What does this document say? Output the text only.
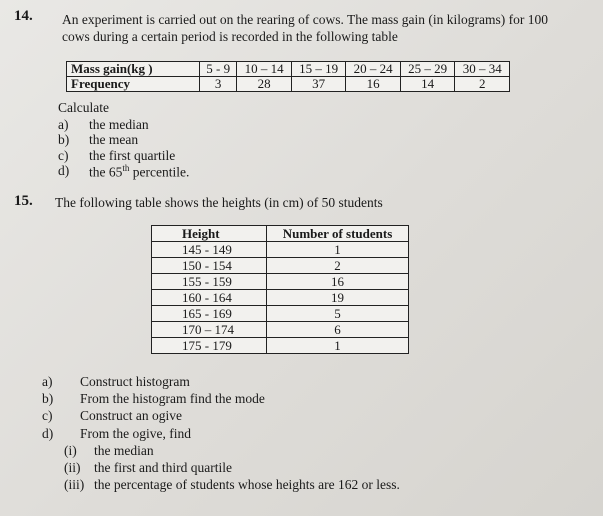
14. An experiment is carried out on the rearing of cows. The mass gain (in kilograms) for 100
cows during a certain period is recorded in the following table
Mass gain(kg )	5 - 9	10 – 14	15 – 19	20 – 24	25 – 29	30 – 34
Frequency	3	28	37	16	14	2
Calculate
a) the median
b) the mean
c) the first quartile
d) the 65th percentile.
15. The following table shows the heights (in cm) of 50 students
Height	Number of students
145 - 149	1
150 - 154	2
155 - 159	16
160 - 164	19
165 - 169	5
170 – 174	6
175 - 179	1
a) Construct histogram
b) From the histogram find the mode
c) Construct an ogive
d) From the ogive, find
(i) the median
(ii) the first and third quartile
(iii) the percentage of students whose heights are 162 or less.
